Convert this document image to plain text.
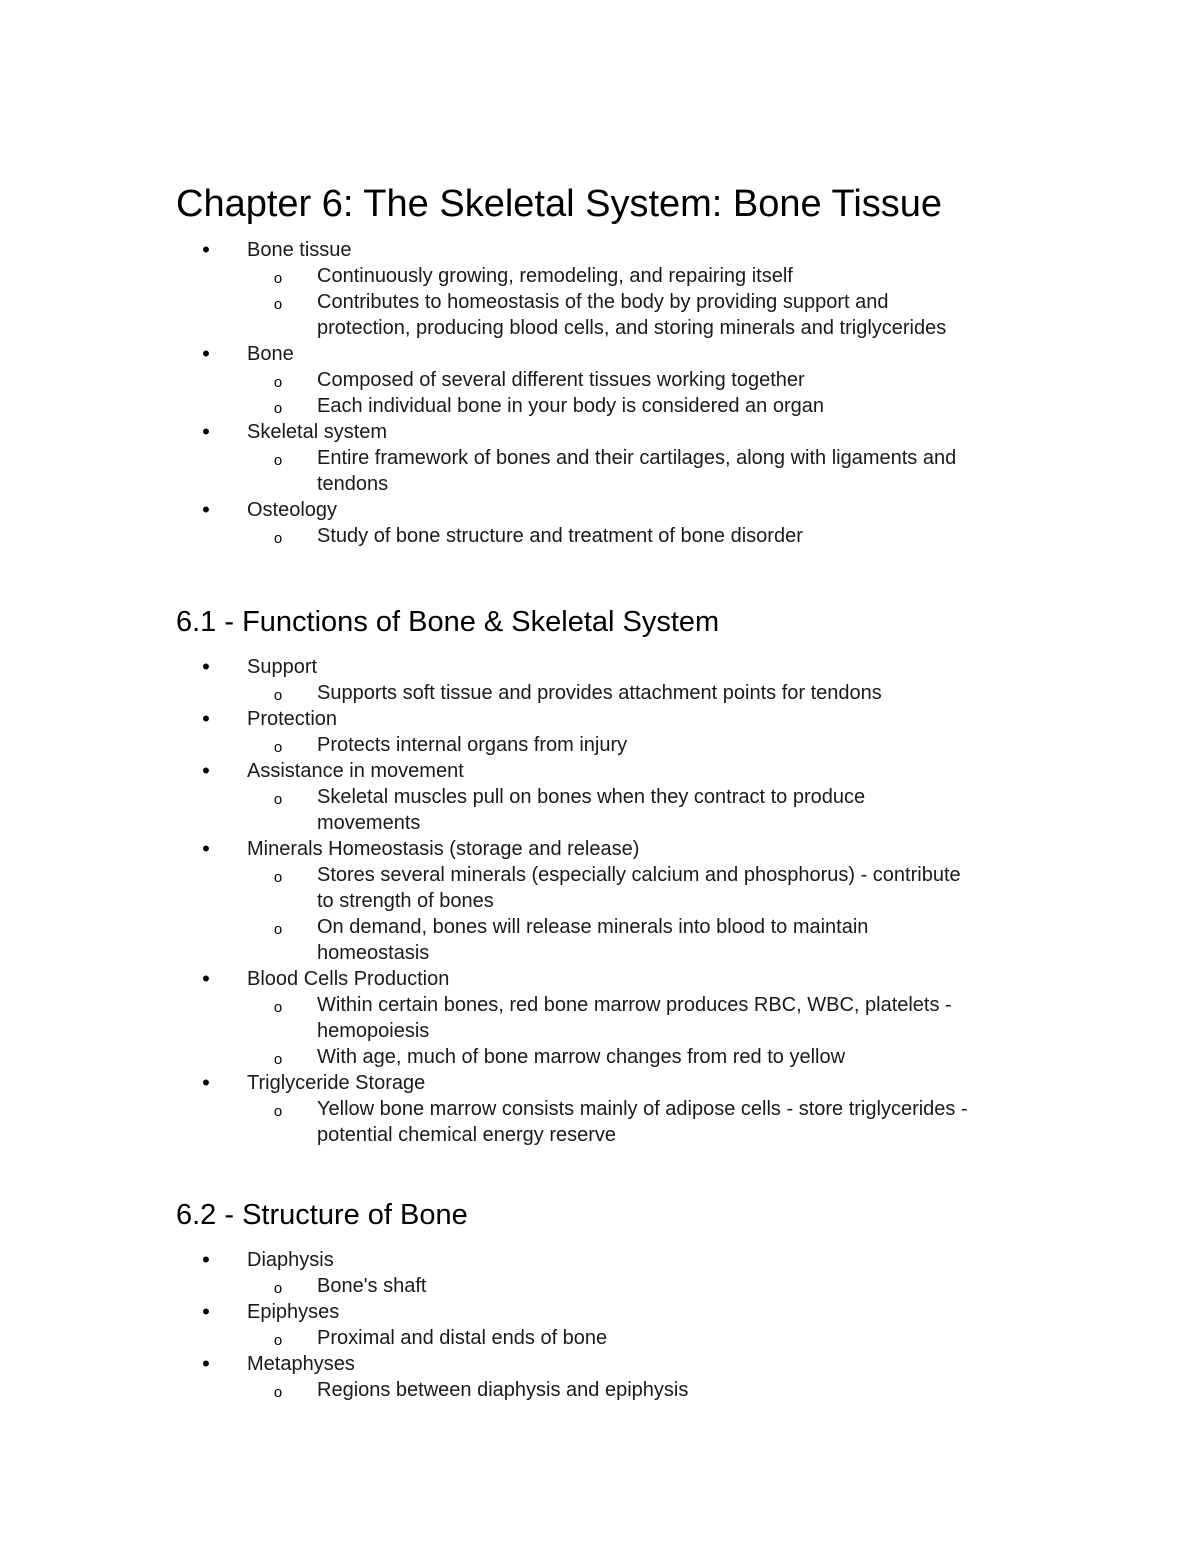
Chapter 6: The Skeletal System: Bone Tissue
•	Bone tissue
o Continuously growing, remodeling, and repairing itself
o Contributes to homeostasis of the body by providing support and
protection, producing blood cells, and storing minerals and triglycerides
•	Bone
o Composed of several different tissues working together
o Each individual bone in your body is considered an organ
•	Skeletal system
o Entire framework of bones and their cartilages, along with ligaments and
tendons
•	Osteology
o Study of bone structure and treatment of bone disorder
6.1 - Functions of Bone & Skeletal System
•	Support
o Supports soft tissue and provides attachment points for tendons
•	Protection
o Protects internal organs from injury
•	Assistance in movement
o Skeletal muscles pull on bones when they contract to produce
movements
•	Minerals Homeostasis (storage and release)
o Stores several minerals (especially calcium and phosphorus) - contribute
to strength of bones
o On demand, bones will release minerals into blood to maintain
homeostasis
•	Blood Cells Production
o Within certain bones, red bone marrow produces RBC, WBC, platelets -
hemopoiesis
o With age, much of bone marrow changes from red to yellow
•	Triglyceride Storage
o Yellow bone marrow consists mainly of adipose cells - store triglycerides -
potential chemical energy reserve
6.2 - Structure of Bone
•	Diaphysis
o Bone's shaft
•	Epiphyses
o Proximal and distal ends of bone
•	Metaphyses
o Regions between diaphysis and epiphysis
